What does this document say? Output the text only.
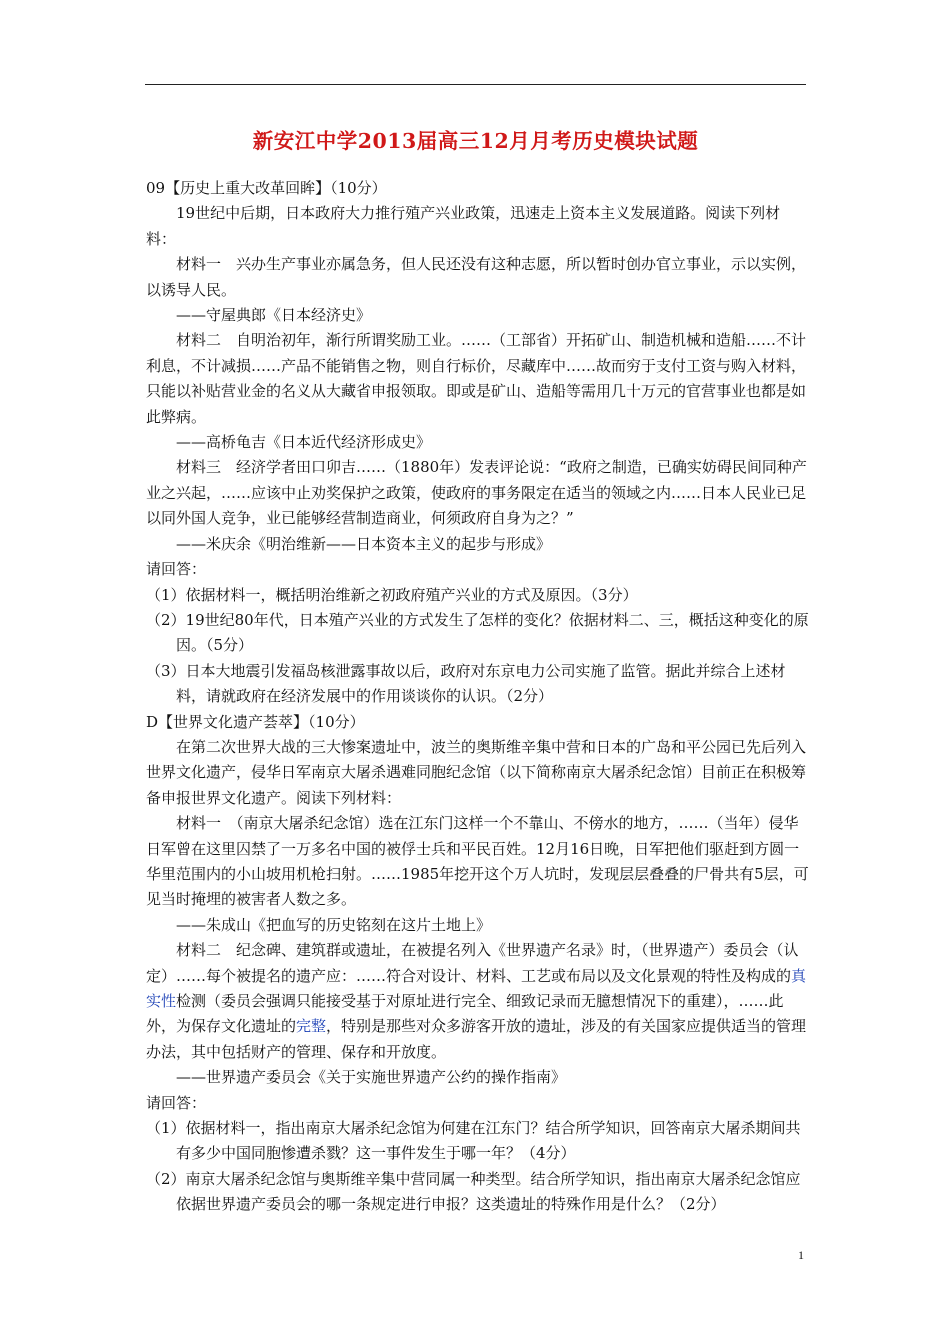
新安江中学2013届高三12月月考历史模块试题

09【历史上重大改革回眸】（10分）

19世纪中后期，日本政府大力推行殖产兴业政策，迅速走上资本主义发展道路。阅读下列材料：

材料一　兴办生产事业亦属急务，但人民还没有这种志愿，所以暂时创办官立事业，示以实例，以诱导人民。

——守屋典郎《日本经济史》

材料二　自明治初年，渐行所谓奖励工业。……（工部省）开拓矿山、制造机械和造船……不计利息，不计减损……产品不能销售之物，则自行标价，尽藏库中……故而穷于支付工资与购入材料，只能以补贴营业金的名义从大藏省申报领取。即或是矿山、造船等需用几十万元的官营事业也都是如此弊病。

——高桥龟吉《日本近代经济形成史》

材料三　经济学者田口卯吉……（1880年）发表评论说：“政府之制造，已确实妨碍民间同种产业之兴起，……应该中止劝奖保护之政策，使政府的事务限定在适当的领域之内……日本人民业已足以同外国人竞争，业已能够经营制造商业，何须政府自身为之？”

——米庆余《明治维新——日本资本主义的起步与形成》

请回答：

（1）依据材料一，概括明治维新之初政府殖产兴业的方式及原因。（3分）

（2）19世纪80年代，日本殖产兴业的方式发生了怎样的变化？依据材料二、三，概括这种变化的原因。（5分）

（3）日本大地震引发福岛核泄露事故以后，政府对东京电力公司实施了监管。据此并综合上述材料，请就政府在经济发展中的作用谈谈你的认识。（2分）

D【世界文化遗产荟萃】（10分）

在第二次世界大战的三大惨案遗址中，波兰的奥斯维辛集中营和日本的广岛和平公园已先后列入世界文化遗产，侵华日军南京大屠杀遇难同胞纪念馆（以下简称南京大屠杀纪念馆）目前正在积极筹备申报世界文化遗产。阅读下列材料：

材料一　（南京大屠杀纪念馆）选在江东门这样一个不靠山、不傍水的地方，……（当年）侵华日军曾在这里囚禁了一万多名中国的被俘士兵和平民百姓。12月16日晚，日军把他们驱赶到方圆一华里范围内的小山坡用机枪扫射。……1985年挖开这个万人坑时，发现层层叠叠的尸骨共有5层，可见当时掩埋的被害者人数之多。

——朱成山《把血写的历史铭刻在这片土地上》

材料二　纪念碑、建筑群或遗址，在被提名列入《世界遗产名录》时，（世界遗产）委员会（认定）……每个被提名的遗产应：……符合对设计、材料、工艺或布局以及文化景观的特性及构成的真实性检测（委员会强调只能接受基于对原址进行完全、细致记录而无臆想情况下的重建），……此外，为保存文化遗址的完整，特别是那些对众多游客开放的遗址，涉及的有关国家应提供适当的管理办法，其中包括财产的管理、保存和开放度。

——世界遗产委员会《关于实施世界遗产公约的操作指南》

请回答：

（1）依据材料一，指出南京大屠杀纪念馆为何建在江东门？结合所学知识，回答南京大屠杀期间共有多少中国同胞惨遭杀戮？这一事件发生于哪一年？（4分）

（2）南京大屠杀纪念馆与奥斯维辛集中营同属一种类型。结合所学知识，指出南京大屠杀纪念馆应依据世界遗产委员会的哪一条规定进行申报？这类遗址的特殊作用是什么？（2分）

1
